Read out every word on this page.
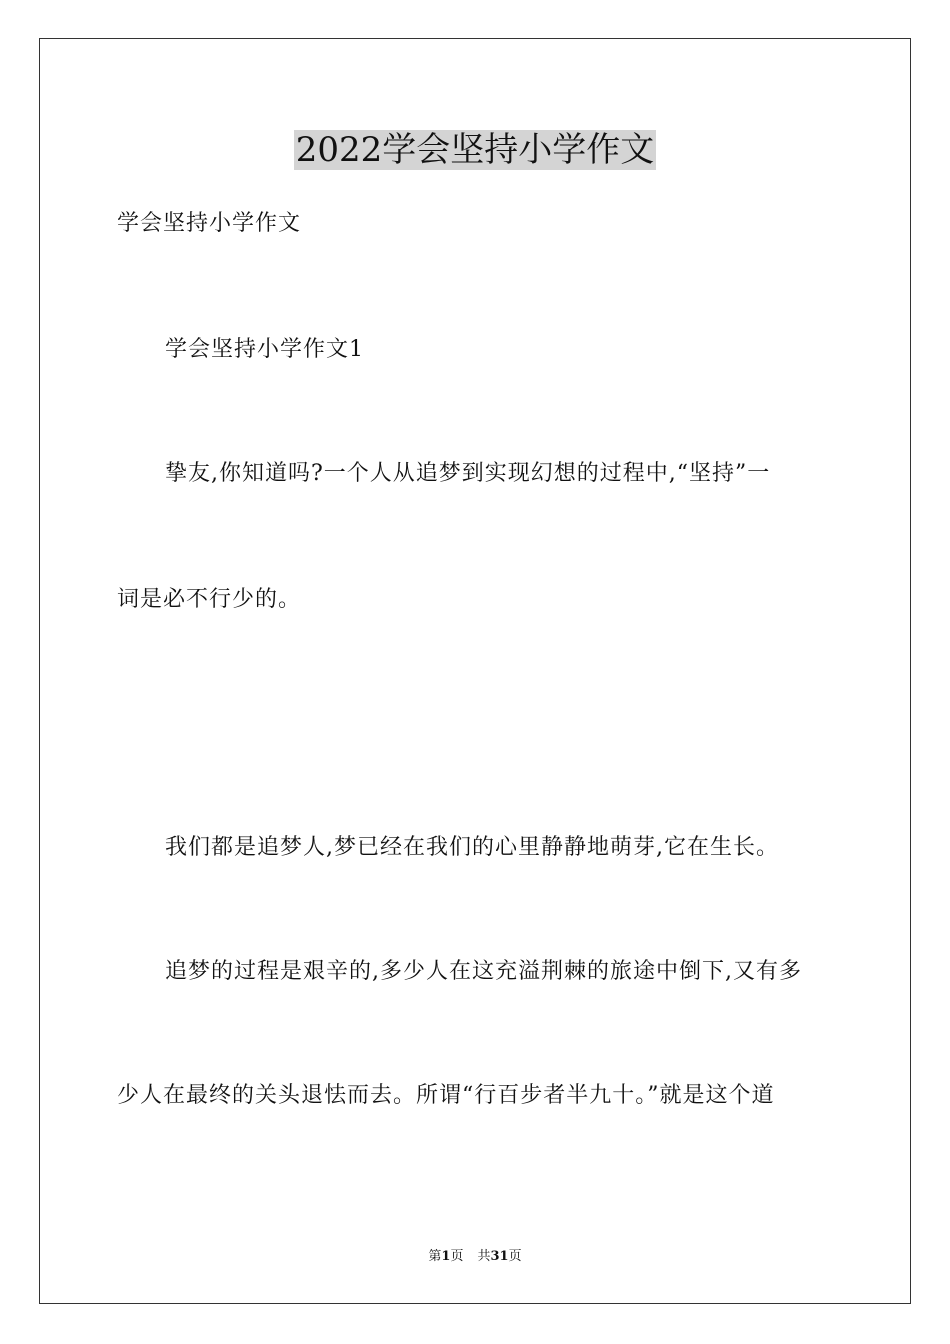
2022学会坚持小学作文

学会坚持小学作文

学会坚持小学作文1

挚友,你知道吗?一个人从追梦到实现幻想的过程中,“坚持”一

词是必不行少的。

我们都是追梦人,梦已经在我们的心里静静地萌芽,它在生长。

追梦的过程是艰辛的,多少人在这充溢荆棘的旅途中倒下,又有多

少人在最终的关头退怯而去。所谓“行百步者半九十。”就是这个道

第1页 共31页
